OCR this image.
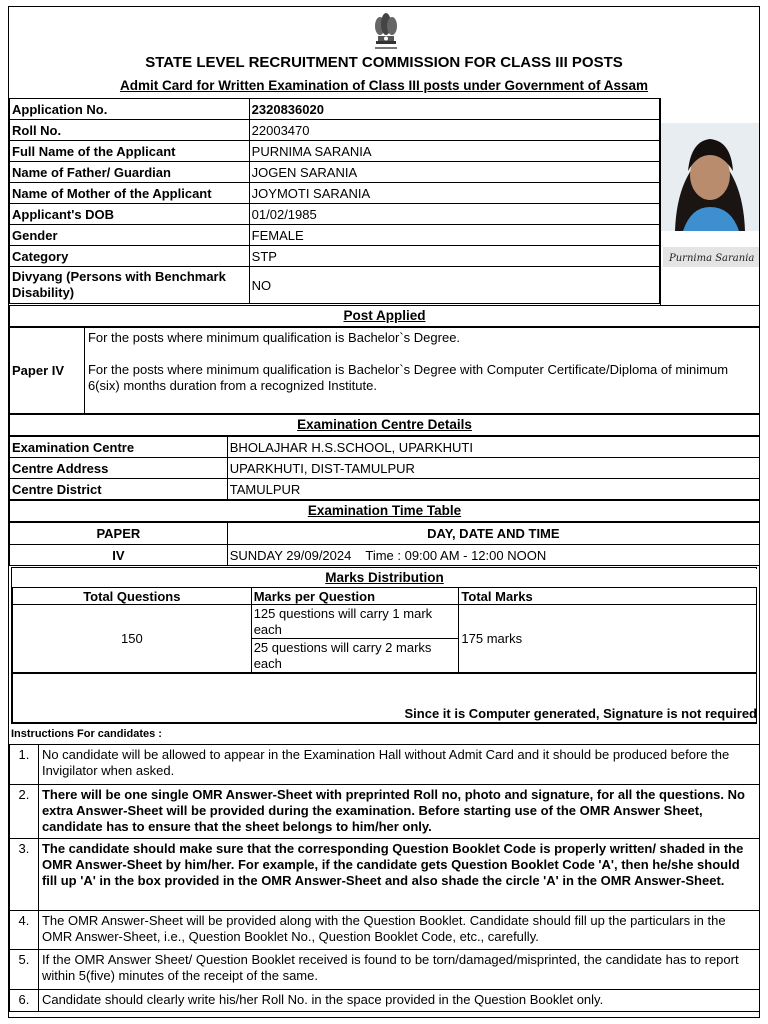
STATE LEVEL RECRUITMENT COMMISSION FOR CLASS III POSTS
Admit Card for Written Examination of Class III posts under Government of Assam
Application No.	2320836020
Roll No.	22003470
Full Name of the Applicant	PURNIMA SARANIA
Name of Father/ Guardian	JOGEN SARANIA
Name of Mother of the Applicant	JOYMOTI SARANIA
Applicant's DOB	01/02/1985
Gender	FEMALE
Category	STP
Divyang (Persons with Benchmark Disability)	NO
Purnima Sarania
Post Applied
Paper IV	
For the posts where minimum qualification is Bachelor`s Degree.
For the posts where minimum qualification is Bachelor`s Degree with Computer Certificate/Diploma of minimum 6(six) months duration from a recognized Institute.
Examination Centre Details
Examination Centre	BHOLAJHAR H.S.SCHOOL, UPARKHUTI
Centre Address	UPARKHUTI, DIST-TAMULPUR
Centre District	TAMULPUR
Examination Time Table
PAPER	DAY, DATE AND TIME
IV	SUNDAY 29/09/2024 Time : 09:00 AM - 12:00 NOON
Marks Distribution
Total Questions	Marks per Question	Total Marks
150	125 questions will carry 1 mark each	175 marks
	25 questions will carry 2 marks each	
Since it is Computer generated, Signature is not required
Instructions For candidates :
1.	No candidate will be allowed to appear in the Examination Hall without Admit Card and it should be produced before the Invigilator when asked.
2.	There will be one single OMR Answer-Sheet with preprinted Roll no, photo and signature, for all the questions. No extra Answer-Sheet will be provided during the examination. Before starting use of the OMR Answer Sheet, candidate has to ensure that the sheet belongs to him/her only.
3.	The candidate should make sure that the corresponding Question Booklet Code is properly written/ shaded in the OMR Answer-Sheet by him/her. For example, if the candidate gets Question Booklet Code 'A', then he/she should fill up 'A' in the box provided in the OMR Answer-Sheet and also shade the circle 'A' in the OMR Answer-Sheet.
4.	The OMR Answer-Sheet will be provided along with the Question Booklet. Candidate should fill up the particulars in the OMR Answer-Sheet, i.e., Question Booklet No., Question Booklet Code, etc., carefully.
5.	If the OMR Answer Sheet/ Question Booklet received is found to be torn/damaged/misprinted, the candidate has to report within 5(five) minutes of the receipt of the same.
6.	Candidate should clearly write his/her Roll No. in the space provided in the Question Booklet only.
